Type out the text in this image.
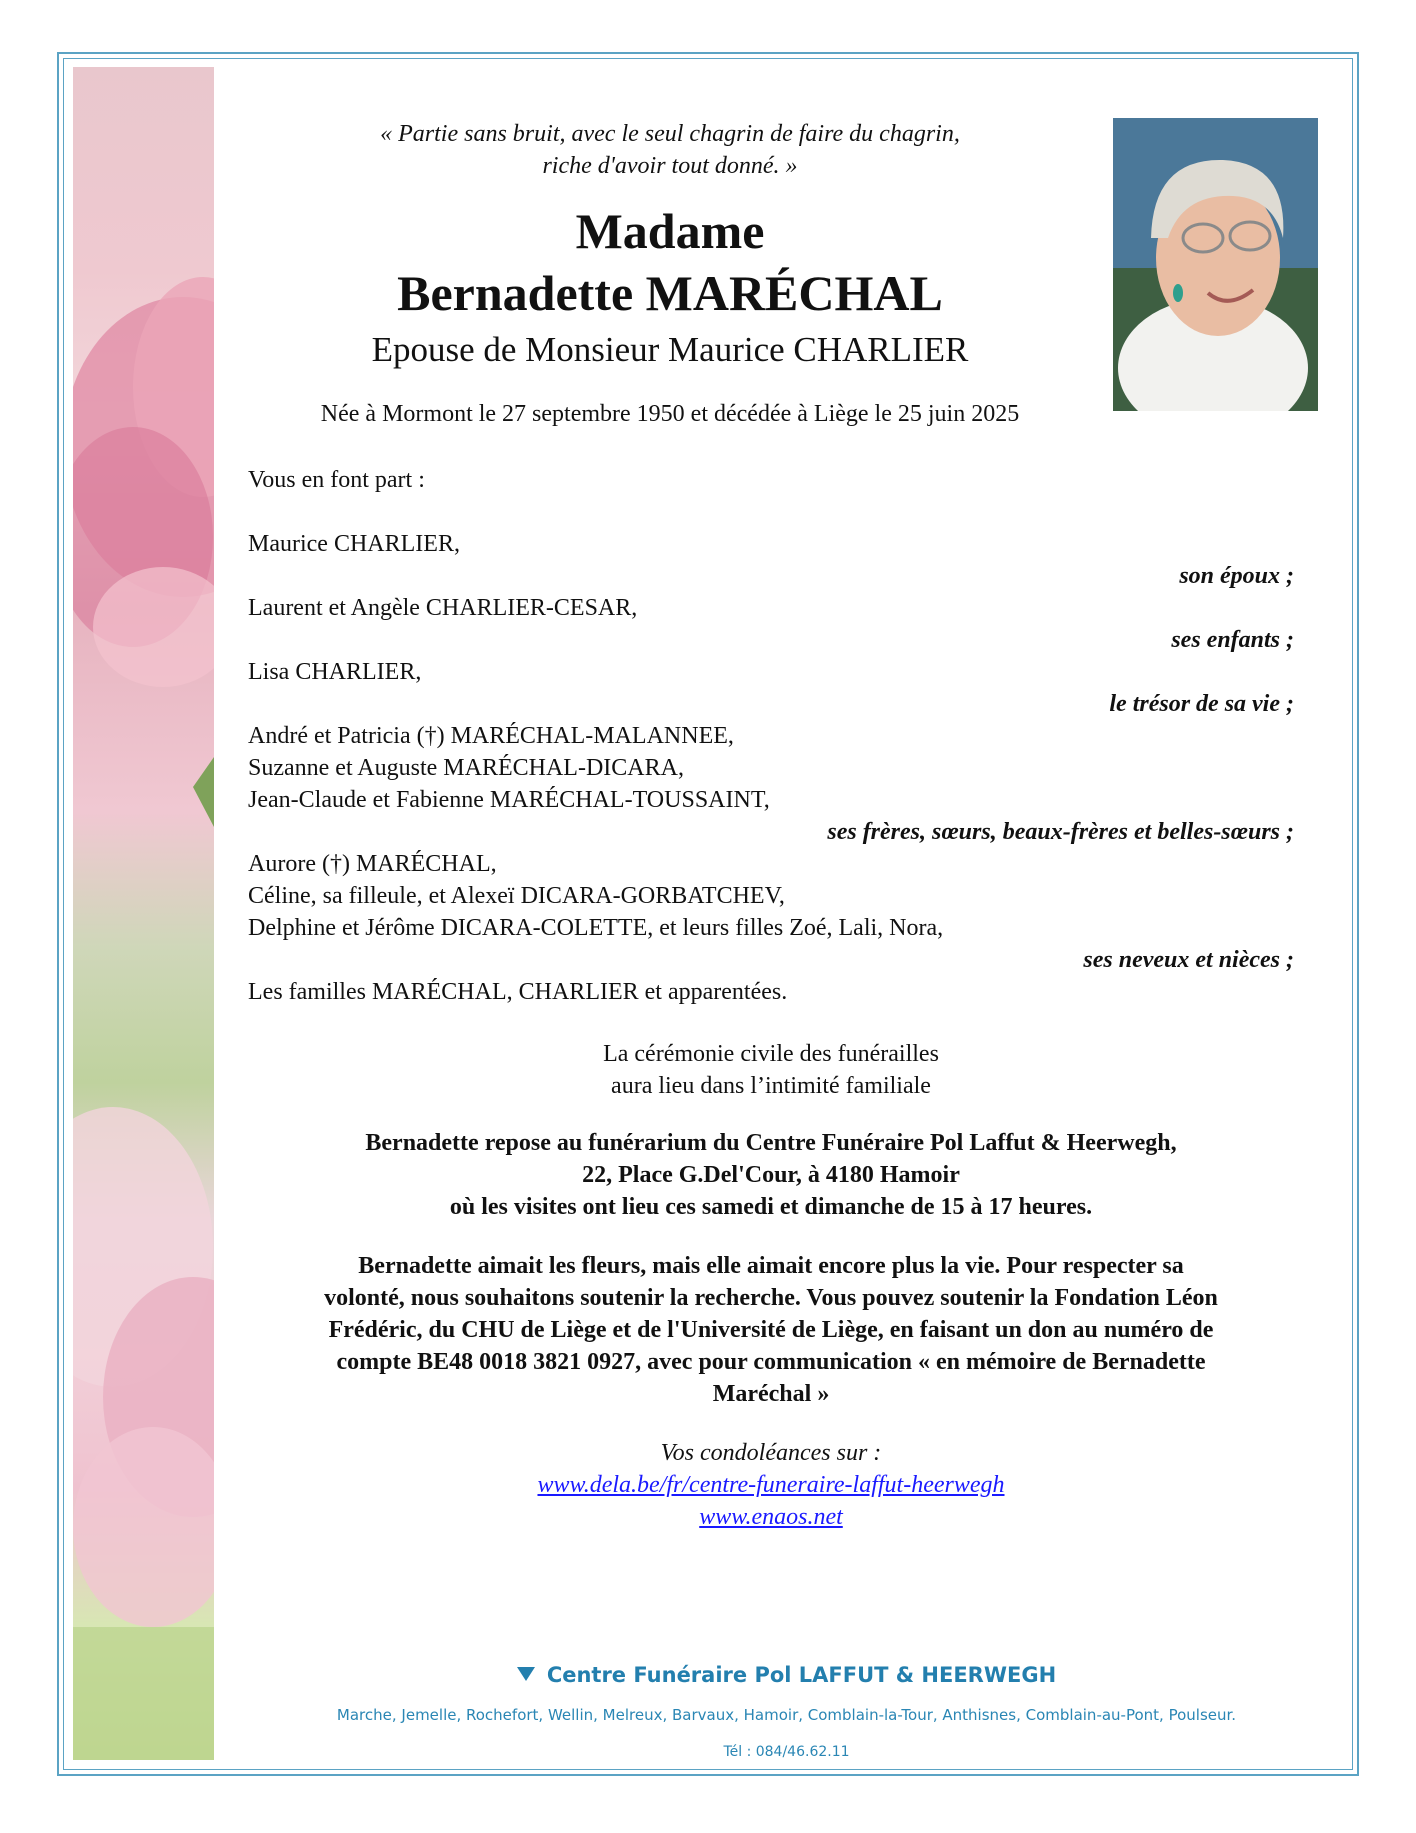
« Partie sans bruit, avec le seul chagrin de faire du chagrin,
riche d'avoir tout donné. »
Madame
Bernadette MARÉCHAL
Epouse de Monsieur Maurice CHARLIER
Née à Mormont le 27 septembre 1950 et décédée à Liège le 25 juin 2025
Vous en font part :
Maurice CHARLIER,
son époux ;
Laurent et Angèle CHARLIER-CESAR,
ses enfants ;
Lisa CHARLIER,
le trésor de sa vie ;
André et Patricia (†) MARÉCHAL-MALANNEE,
Suzanne et Auguste MARÉCHAL-DICARA,
Jean-Claude et Fabienne MARÉCHAL-TOUSSAINT,
ses frères, sœurs, beaux-frères et belles-sœurs ;
Aurore (†) MARÉCHAL,
Céline, sa filleule, et Alexeï DICARA-GORBATCHEV,
Delphine et Jérôme DICARA-COLETTE, et leurs filles Zoé, Lali, Nora,
ses neveux et nièces ;
Les familles MARÉCHAL, CHARLIER et apparentées.
La cérémonie civile des funérailles
aura lieu dans l’intimité familiale
Bernadette repose au funérarium du Centre Funéraire Pol Laffut & Heerwegh,
22, Place G.Del'Cour, à 4180 Hamoir
où les visites ont lieu ces samedi et dimanche de 15 à 17 heures.
Bernadette aimait les fleurs, mais elle aimait encore plus la vie. Pour respecter sa
volonté, nous souhaitons soutenir la recherche. Vous pouvez soutenir la Fondation Léon
Frédéric, du CHU de Liège et de l'Université de Liège, en faisant un don au numéro de
compte BE48 0018 3821 0927, avec pour communication « en mémoire de Bernadette
Maréchal »
Vos condoléances sur :
www.dela.be/fr/centre-funeraire-laffut-heerwegh
www.enaos.net
Centre Funéraire Pol LAFFUT & HEERWEGH
Marche, Jemelle, Rochefort, Wellin, Melreux, Barvaux, Hamoir, Comblain-la-Tour, Anthisnes, Comblain-au-Pont, Poulseur.
Tél : 084/46.62.11
